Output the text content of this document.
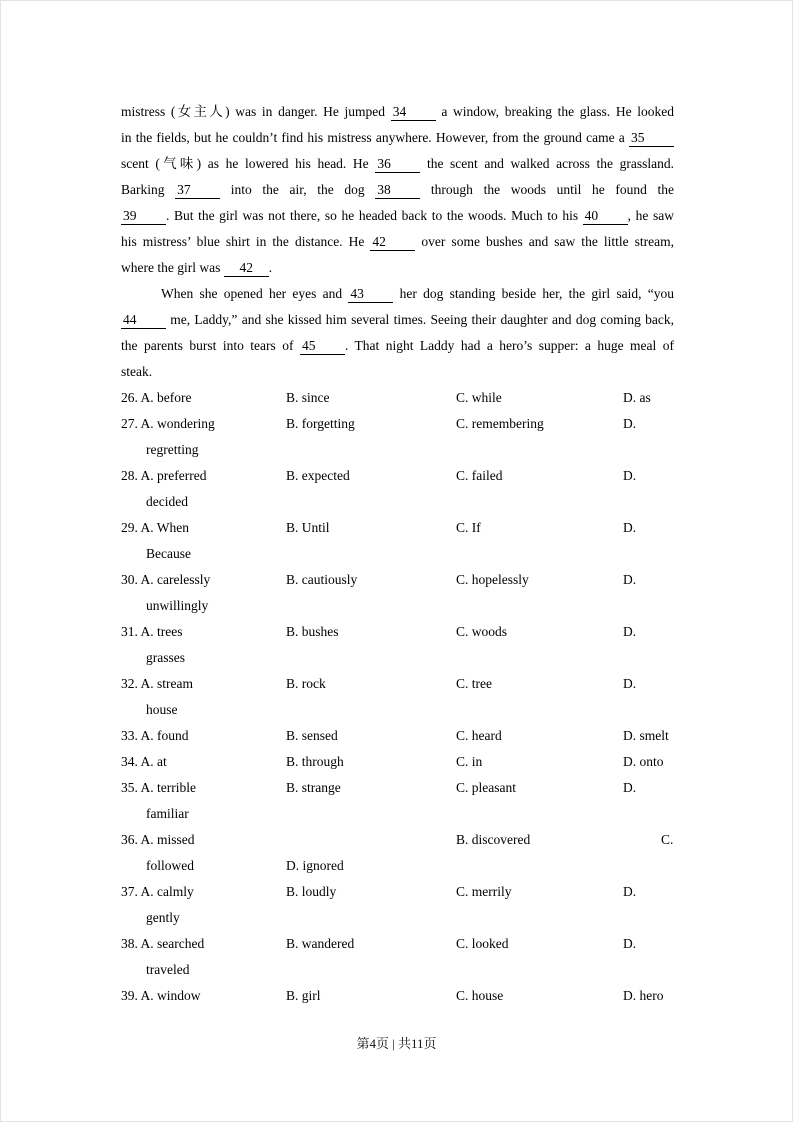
mistress (女主人) was in danger. He jumped 34 a window, breaking the glass. He looked
in the fields, but he couldn’t find his mistress anywhere. However, from the ground came a 35
scent (气味) as he lowered his head. He 36 the scent and walked across the grassland.
Barking 37 into the air, the dog 38 through the woods until he found the
39 . But the girl was not there, so he headed back to the woods. Much to his 40 , he saw
his mistress’ blue shirt in the distance. He 42 over some bushes and saw the little stream,
where the girl was 42 .
When she opened her eyes and 43 her dog standing beside her, the girl said, “you
44 me, Laddy,” and she kissed him several times. Seeing their daughter and dog coming back,
the parents burst into tears of 45 . That night Laddy had a hero’s supper: a huge meal of
steak.
26. A. before	B. since	C. while	D. as
27. A. wondering	B. forgetting	C. remembering	D.
regretting
28. A. preferred	B. expected	C. failed	D.
decided
29. A. When	B. Until	C. If	D.
Because
30. A. carelessly	B. cautiously	C. hopelessly	D.
unwillingly
31. A. trees	B. bushes	C. woods	D.
grasses
32. A. stream	B. rock	C. tree	D.
house
33. A. found	B. sensed	C. heard	D. smelt
34. A. at	B. through	C. in	D. onto
35. A. terrible	B. strange	C. pleasant	D.
familiar
36. A. missed	B. discovered	C.
followed	D. ignored
37. A. calmly	B. loudly	C. merrily	D.
gently
38. A. searched	B. wandered	C. looked	D.
traveled
39. A. window	B. girl	C. house	D. hero
第4页 | 共11页
